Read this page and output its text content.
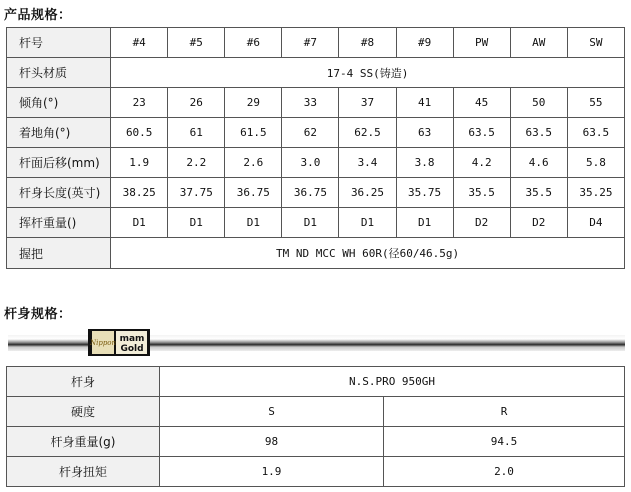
产品规格：
杆号	#4	#5	#6	#7	#8	#9	PW	AW	SW
杆头材质	17-4 SS(铸造)								
倾角(°)	23	26	29	33	37	41	45	50	55
着地角(°)	60.5	61	61.5	62	62.5	63	63.5	63.5	63.5
杆面后移(mm)	1.9	2.2	2.6	3.0	3.4	3.8	4.2	4.6	5.8
杆身长度(英寸)	38.25	37.75	36.75	36.75	36.25	35.75	35.5	35.5	35.25
挥杆重量()	D1	D1	D1	D1	D1	D1	D2	D2	D4
握把	TM ND MCC WH 60R(径60/46.5g)								
杆身规格：
Nippon mam
Gold
杆身	N.S.PRO 950GH	
硬度	S	R
杆身重量(g)	98	94.5
杆身扭矩	1.9	2.0
